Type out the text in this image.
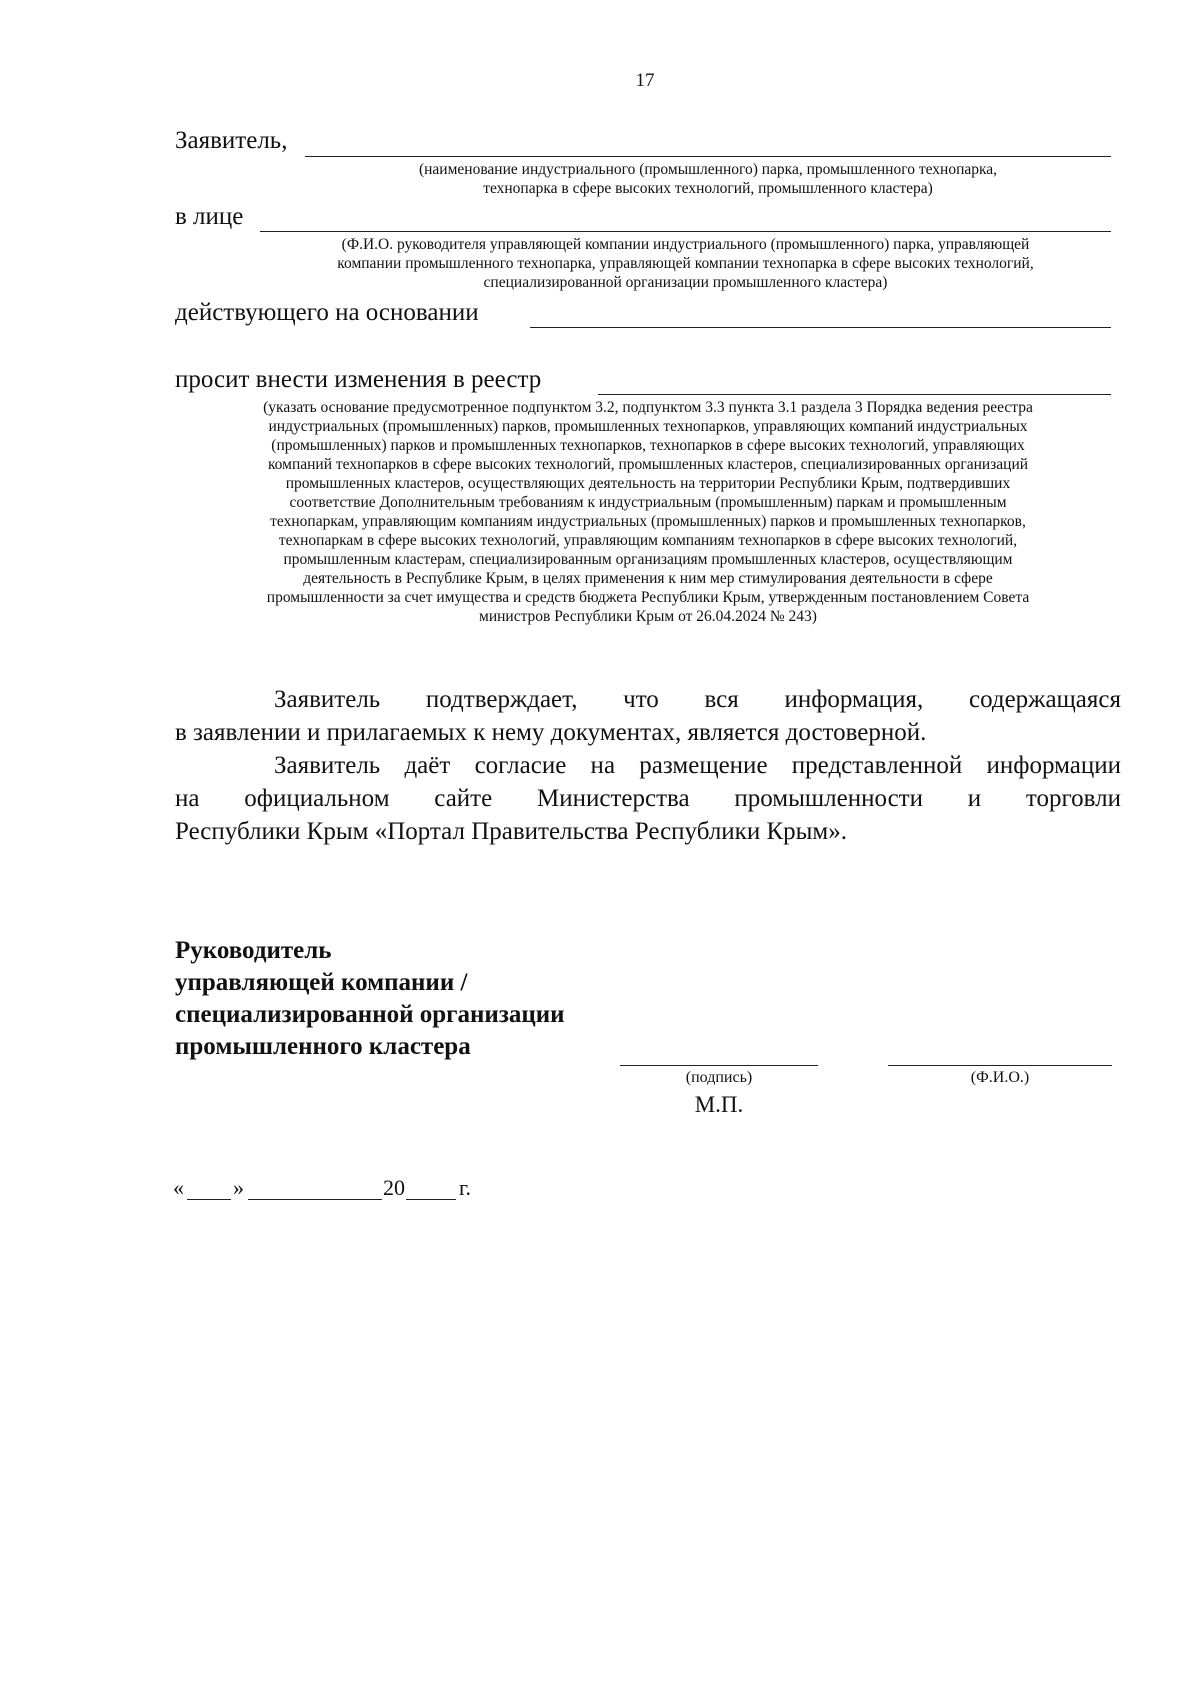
17
Заявитель,
(наименование индустриального (промышленного) парка, промышленного технопарка,
технопарка в сфере высоких технологий, промышленного кластера)
в лице
(Ф.И.О. руководителя управляющей компании индустриального (промышленного) парка, управляющей
компании промышленного технопарка, управляющей компании технопарка в сфере высоких технологий,
специализированной организации промышленного кластера)
действующего на основании
просит внести изменения в реестр
(указать основание предусмотренное подпунктом 3.2, подпунктом 3.3 пункта 3.1 раздела 3 Порядка ведения реестра
индустриальных (промышленных) парков, промышленных технопарков, управляющих компаний индустриальных
(промышленных) парков и промышленных технопарков, технопарков в сфере высоких технологий, управляющих
компаний технопарков в сфере высоких технологий, промышленных кластеров, специализированных организаций
промышленных кластеров, осуществляющих деятельность на территории Республики Крым, подтвердивших
соответствие Дополнительным требованиям к индустриальным (промышленным) паркам и промышленным
технопаркам, управляющим компаниям индустриальных (промышленных) парков и промышленных технопарков,
технопаркам в сфере высоких технологий, управляющим компаниям технопарков в сфере высоких технологий,
промышленным кластерам, специализированным организациям промышленных кластеров, осуществляющим
деятельность в Республике Крым, в целях применения к ним мер стимулирования деятельности в сфере
промышленности за счет имущества и средств бюджета Республики Крым, утвержденным постановлением Совета
министров Республики Крым от 26.04.2024 № 243)
Заявитель подтверждает, что вся информация, содержащаяся
в заявлении и прилагаемых к нему документах, является достоверной.
Заявитель даёт согласие на размещение представленной информации
на официальном сайте Министерства промышленности и торговли
Республики Крым «Портал Правительства Республики Крым».
Руководитель
управляющей компании /
специализированной организации
промышленного кластера
(подпись)	(Ф.И.О.)
М.П.
« »	20 г.
